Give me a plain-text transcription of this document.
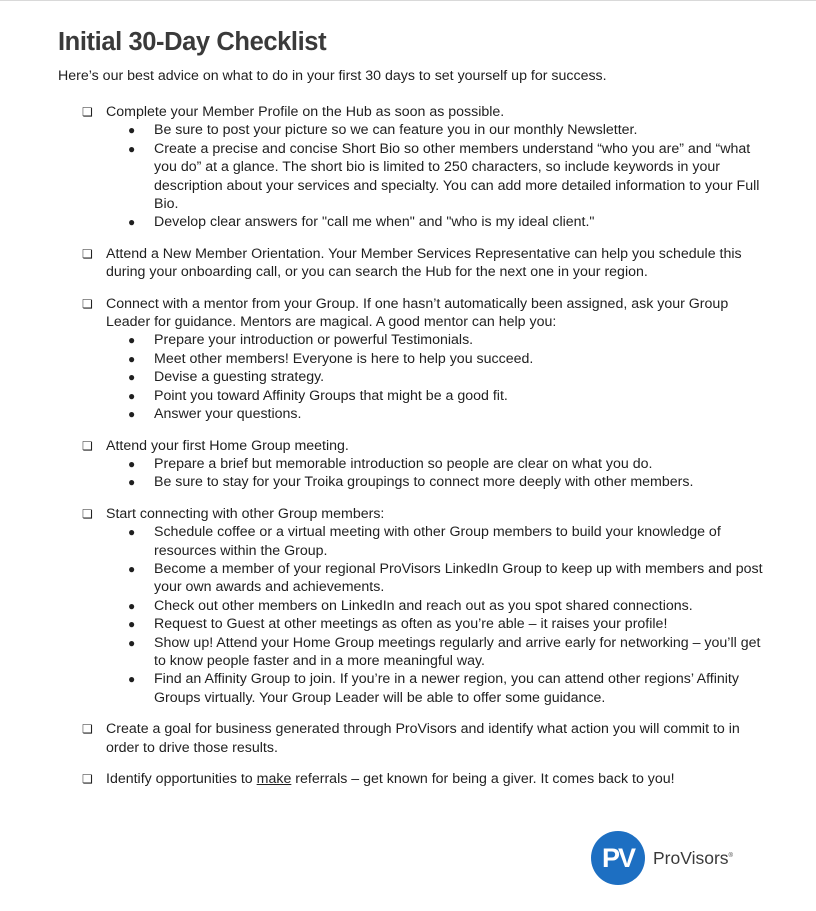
Initial 30-Day Checklist
Here’s our best advice on what to do in your first 30 days to set yourself up for success.
❏ Complete your Member Profile on the Hub as soon as possible.
● Be sure to post your picture so we can feature you in our monthly Newsletter.
● Create a precise and concise Short Bio so other members understand “who you are” and “what you do” at a glance. The short bio is limited to 250 characters, so include keywords in your description about your services and specialty. You can add more detailed information to your Full Bio.
● Develop clear answers for "call me when" and "who is my ideal client."
❏ Attend a New Member Orientation. Your Member Services Representative can help you schedule this during your onboarding call, or you can search the Hub for the next one in your region.
❏ Connect with a mentor from your Group. If one hasn’t automatically been assigned, ask your Group Leader for guidance. Mentors are magical. A good mentor can help you:
● Prepare your introduction or powerful Testimonials.
● Meet other members! Everyone is here to help you succeed.
● Devise a guesting strategy.
● Point you toward Affinity Groups that might be a good fit.
● Answer your questions.
❏ Attend your first Home Group meeting.
● Prepare a brief but memorable introduction so people are clear on what you do.
● Be sure to stay for your Troika groupings to connect more deeply with other members.
❏ Start connecting with other Group members:
● Schedule coffee or a virtual meeting with other Group members to build your knowledge of resources within the Group.
● Become a member of your regional ProVisors LinkedIn Group to keep up with members and post your own awards and achievements.
● Check out other members on LinkedIn and reach out as you spot shared connections.
● Request to Guest at other meetings as often as you’re able – it raises your profile!
● Show up! Attend your Home Group meetings regularly and arrive early for networking – you’ll get to know people faster and in a more meaningful way.
● Find an Affinity Group to join. If you’re in a newer region, you can attend other regions’ Affinity Groups virtually. Your Group Leader will be able to offer some guidance.
❏ Create a goal for business generated through ProVisors and identify what action you will commit to in order to drive those results.
❏ Identify opportunities to make referrals – get known for being a giver. It comes back to you!
PV	ProVisors®
